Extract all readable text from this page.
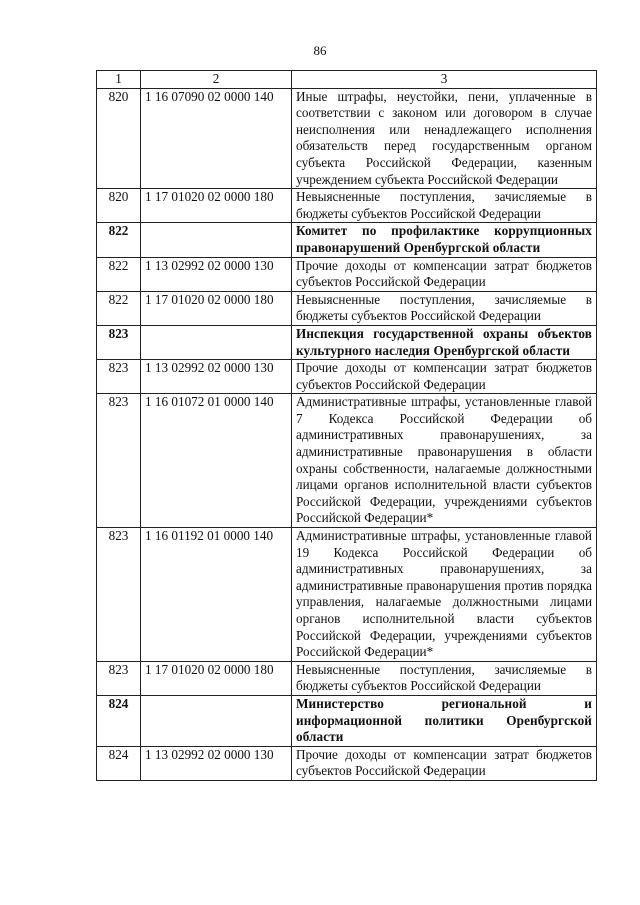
86
1	2	3
820	1 16 07090 02 0000 140	Иные штрафы, неустойки, пени, уплаченные в соответствии с законом или договором в случае неисполнения или ненадлежащего исполнения обязательств перед государственным органом субъекта Российской Федерации, казенным учреждением субъекта Российской Федерации
820	1 17 01020 02 0000 180	Невыясненные поступления, зачисляемые в бюджеты субъектов Российской Федерации
822		Комитет по профилактике коррупционных правонарушений Оренбургской области
822	1 13 02992 02 0000 130	Прочие доходы от компенсации затрат бюджетов субъектов Российской Федерации
822	1 17 01020 02 0000 180	Невыясненные поступления, зачисляемые в бюджеты субъектов Российской Федерации
823		Инспекция государственной охраны объектов культурного наследия Оренбургской области
823	1 13 02992 02 0000 130	Прочие доходы от компенсации затрат бюджетов субъектов Российской Федерации
823	1 16 01072 01 0000 140	Административные штрафы, установленные главой 7 Кодекса Российской Федерации об административных правонарушениях, за административные правонарушения в области охраны собственности, налагаемые должностными лицами органов исполнительной власти субъектов Российской Федерации, учреждениями субъектов Российской Федерации*
823	1 16 01192 01 0000 140	Административные штрафы, установленные главой 19 Кодекса Российской Федерации об административных правонарушениях, за административные правонарушения против порядка управления, налагаемые должностными лицами органов исполнительной власти субъектов Российской Федерации, учреждениями субъектов Российской Федерации*
823	1 17 01020 02 0000 180	Невыясненные поступления, зачисляемые в бюджеты субъектов Российской Федерации
824		Министерство региональной и информационной политики Оренбургской области
824	1 13 02992 02 0000 130	Прочие доходы от компенсации затрат бюджетов субъектов Российской Федерации
